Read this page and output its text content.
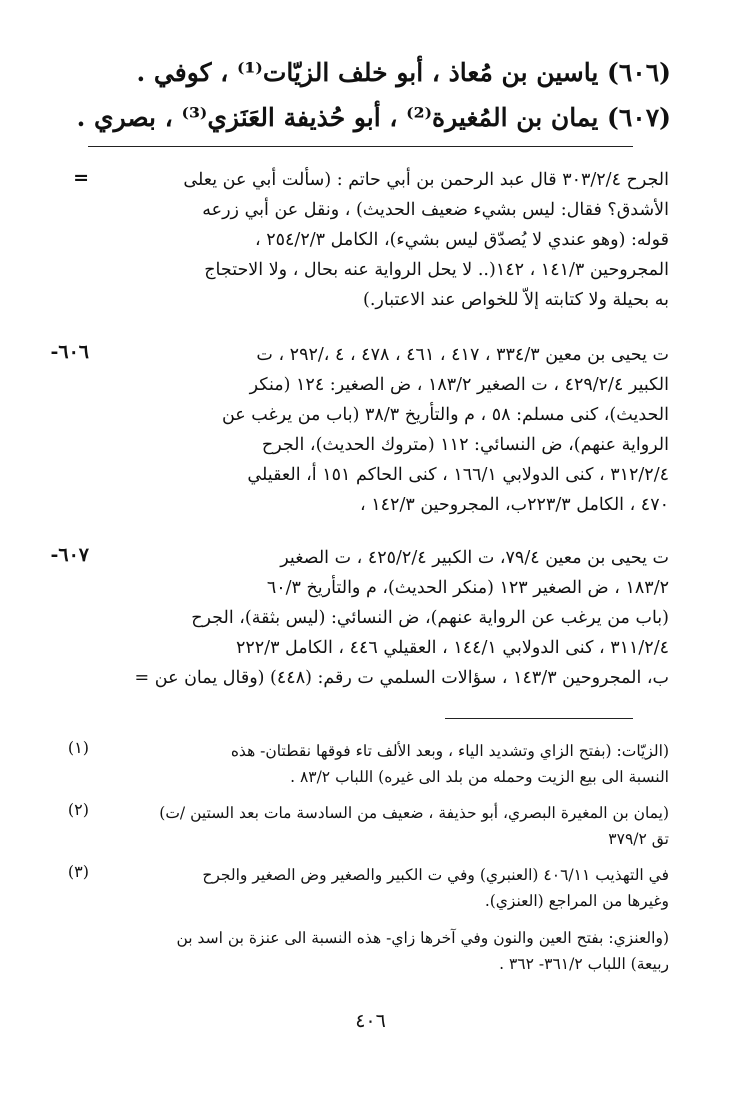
(٦٠٦) ياسين بن مُعاذ ، أبو خلف الزيّات⁽¹⁾ ، كوفي .
(٦٠٧) يمان بن المُغيرة⁽²⁾ ، أبو حُذيفة العَنَزي⁽³⁾ ، بصري .
=	الجرح ٣٠٣/٢/٤ قال عبد الرحمن بن أبي حاتم : (سألت أبي عن يعلى
الأشدق؟ فقال: ليس بشيء ضعيف الحديث) ، ونقل عن أبي زرعه
قوله: (وهو عندي لا يُصدّق ليس بشيء)، الكامل ٢٥٤/٢/٣ ،
المجروحين ١٤١/٣ ، ١٤٢(.. لا يحل الرواية عنه بحال ، ولا الاحتجاج
به بحيلة ولا كتابته إلاّ للخواص عند الاعتبار.)
٦٠٦-	ت يحيى بن معين ٣٣٤/٣ ، ٤١٧ ، ٤٦١ ، ٤٧٨ ، ٤ ،/٢٩٢ ، ت
الكبير ٤٢٩/٢/٤ ، ت الصغير ١٨٣/٢ ، ض الصغير: ١٢٤ (منكر
الحديث)، كنى مسلم: ٥٨ ، م والتأريخ ٣٨/٣ (باب من يرغب عن
الرواية عنهم)، ض النسائي: ١١٢ (متروك الحديث)، الجرح
٣١٢/٢/٤ ، كنى الدولابي ١٦٦/١ ، كنى الحاكم ١٥١ أ، العقيلي
٤٧٠ ، الكامل ٢٢٣/٣ب، المجروحين ١٤٢/٣ ،
٦٠٧-	ت يحيى بن معين ٧٩/٤، ت الكبير ٤٢٥/٢/٤ ، ت الصغير
١٨٣/٢ ، ض الصغير ١٢٣ (منكر الحديث)، م والتأريخ ٦٠/٣
(باب من يرغب عن الرواية عنهم)، ض النسائي: (ليس بثقة)، الجرح
٣١١/٢/٤ ، كنى الدولابي ١٤٤/١ ، العقيلي ٤٤٦ ، الكامل ٢٢٢/٣
ب، المجروحين ١٤٣/٣ ، سؤالات السلمي ت رقم: (٤٤٨) (وقال يمان عن =
(١)	(الزيّات: (بفتح الزاي وتشديد الياء ، وبعد الألف تاء فوقها نقطتان- هذه
النسبة الى بيع الزيت وحمله من بلد الى غيره) اللباب ٨٣/٢ .
(٢)	(يمان بن المغيرة البصري، أبو حذيفة ، ضعيف من السادسة مات بعد الستين /ت)
تق ٣٧٩/٢
(٣)	في التهذيب ٤٠٦/١١ (العنبري) وفي ت الكبير والصغير وض الصغير والجرح
وغيرها من المراجع (العنزي).
(والعنزي: بفتح العين والنون وفي آخرها زاي- هذه النسبة الى عنزة بن اسد بن
ربيعة) اللباب ٣٦١/٢- ٣٦٢ .
٤٠٦
